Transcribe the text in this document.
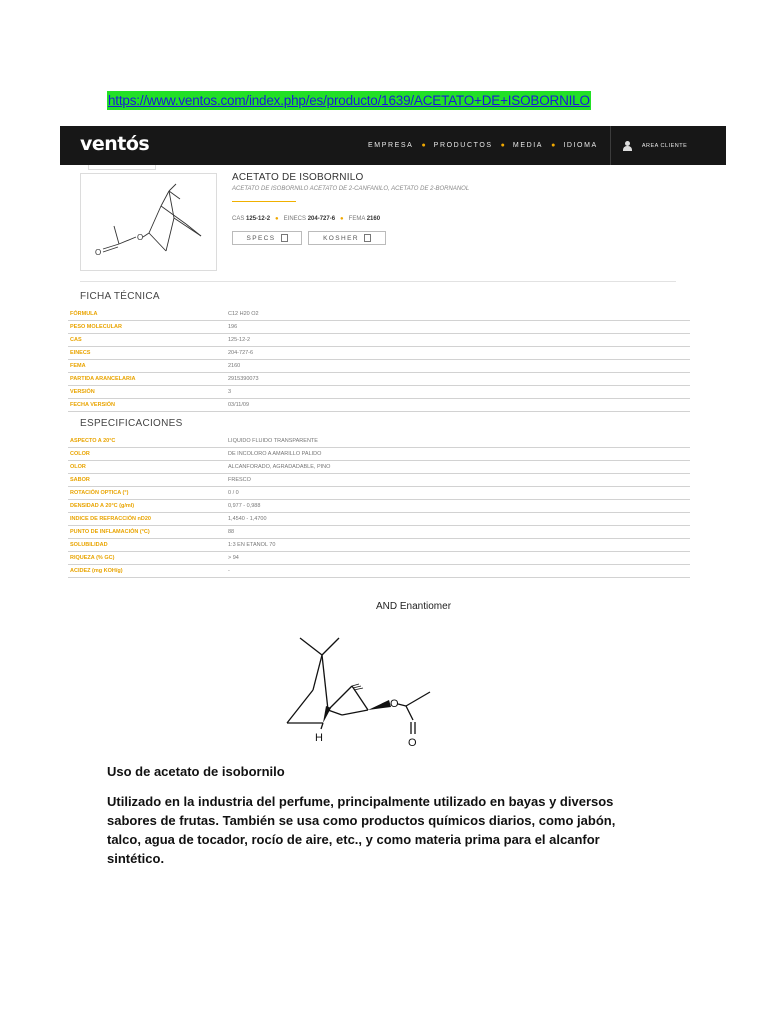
https://www.ventos.com/index.php/es/producto/1639/ACETATO+DE+ISOBORNILO
ventós	EMPRESA ● PRODUCTOS ● MEDIA ● IDIOMA	AREA CLIENTE
O
O
ACETATO DE ISOBORNILO
ACETATO DE ISOBORNILO ACETATO DE 2-CANFANILO, ACETATO DE 2-BORNANOL
CAS 125-12-2 ● EINECS 204-727-6 ● FEMA 2160
SPECS	KOSHER
FICHA TÉCNICA
FÓRMULA	C12 H20 O2
PESO MOLECULAR	196
CAS	125-12-2
EINECS	204-727-6
FEMA	2160
PARTIDA ARANCELARIA	2915390073
VERSIÓN	3
FECHA VERSIÓN	03/11/09
ESPECIFICACIONES
ASPECTO A 20°C	LIQUIDO FLUIDO TRANSPARENTE
COLOR	DE INCOLORO A AMARILLO PALIDO
OLOR	ALCANFORADO, AGRADADABLE, PINO
SABOR	FRESCO
ROTACIÓN OPTICA (°)	0 / 0
DENSIDAD A 20°C (g/ml)	0,977 - 0,988
INDICE DE REFRACCIÓN nD20	1,4540 - 1,4700
PUNTO DE INFLAMACIÓN (°C)	88
SOLUBILIDAD	1:3 EN ETANOL 70
RIQUEZA (% GC)	> 94
ACIDEZ (mg KOH/g)	-
AND Enantiomer
H
O
O
Uso de acetato de isobornilo
Utilizado en la industria del perfume, principalmente utilizado en bayas y diversos sabores de frutas. También se usa como productos químicos diarios, como jabón, talco, agua de tocador, rocío de aire, etc., y como materia prima para el alcanfor sintético.
